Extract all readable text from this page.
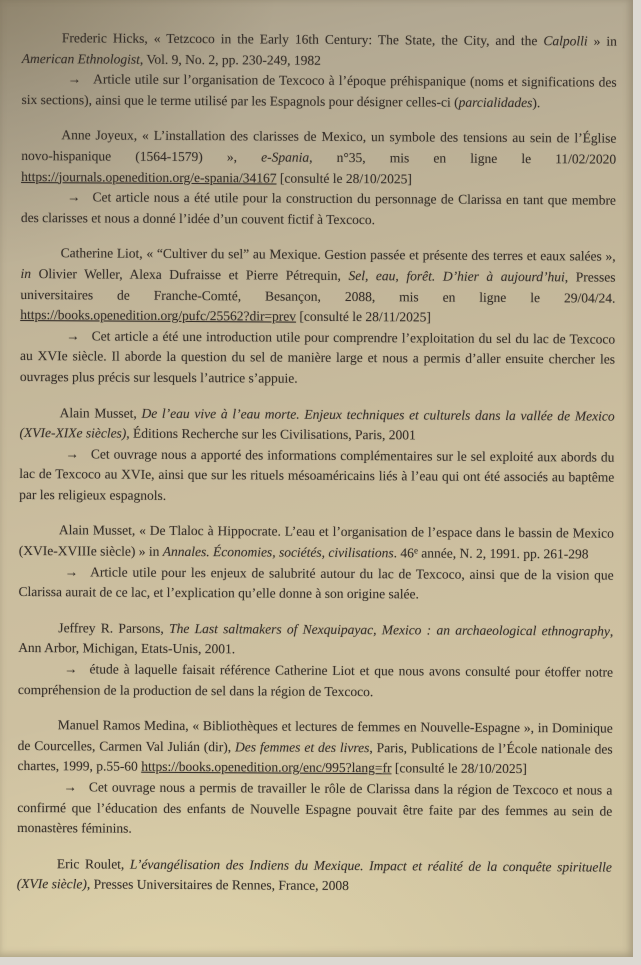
Frederic Hicks, « Tetzcoco in the Early 16th Century: The State, the City, and the Calpolli » in American Ethnologist, Vol. 9, No. 2, pp. 230-249, 1982

→ Article utile sur l’organisation de Texcoco à l’époque préhispanique (noms et significations des six sections), ainsi que le terme utilisé par les Espagnols pour désigner celles-ci (parcialidades).

Anne Joyeux, « L’installation des clarisses de Mexico, un symbole des tensions au sein de l’Église novo-hispanique (1564-1579) », e-Spania, n°35, mis en ligne le 11/02/2020 https://journals.openedition.org/e-spania/34167 [consulté le 28/10/2025]

→ Cet article nous a été utile pour la construction du personnage de Clarissa en tant que membre des clarisses et nous a donné l’idée d’un couvent fictif à Texcoco.

Catherine Liot, « “Cultiver du sel” au Mexique. Gestion passée et présente des terres et eaux salées », in Olivier Weller, Alexa Dufraisse et Pierre Pétrequin, Sel, eau, forêt. D’hier à aujourd’hui, Presses universitaires de Franche-Comté, Besançon, 2088, mis en ligne le 29/04/24. https://books.openedition.org/pufc/25562?dir=prev [consulté le 28/11/2025]

→ Cet article a été une introduction utile pour comprendre l’exploitation du sel du lac de Texcoco au XVIe siècle. Il aborde la question du sel de manière large et nous a permis d’aller ensuite chercher les ouvrages plus précis sur lesquels l’autrice s’appuie.

Alain Musset, De l’eau vive à l’eau morte. Enjeux techniques et culturels dans la vallée de Mexico (XVIe-XIXe siècles), Éditions Recherche sur les Civilisations, Paris, 2001

→ Cet ouvrage nous a apporté des informations complémentaires sur le sel exploité aux abords du lac de Texcoco au XVIe, ainsi que sur les rituels mésoaméricains liés à l’eau qui ont été associés au baptême par les religieux espagnols.

Alain Musset, « De Tlaloc à Hippocrate. L’eau et l’organisation de l’espace dans le bassin de Mexico (XVIe-XVIIIe siècle) » in Annales. Économies, sociétés, civilisations. 46e année, N. 2, 1991. pp. 261-298

→ Article utile pour les enjeux de salubrité autour du lac de Texcoco, ainsi que de la vision que Clarissa aurait de ce lac, et l’explication qu’elle donne à son origine salée.

Jeffrey R. Parsons, The Last saltmakers of Nexquipayac, Mexico : an archaeological ethnography, Ann Arbor, Michigan, Etats-Unis, 2001.

→ étude à laquelle faisait référence Catherine Liot et que nous avons consulté pour étoffer notre compréhension de la production de sel dans la région de Texcoco.

Manuel Ramos Medina, « Bibliothèques et lectures de femmes en Nouvelle-Espagne », in Dominique de Courcelles, Carmen Val Julián (dir), Des femmes et des livres, Paris, Publications de l’École nationale des chartes, 1999, p.55-60 https://books.openedition.org/enc/995?lang=fr [consulté le 28/10/2025]

→ Cet ouvrage nous a permis de travailler le rôle de Clarissa dans la région de Texcoco et nous a confirmé que l’éducation des enfants de Nouvelle Espagne pouvait être faite par des femmes au sein de monastères féminins.

Eric Roulet, L’évangélisation des Indiens du Mexique. Impact et réalité de la conquête spirituelle (XVIe siècle), Presses Universitaires de Rennes, France, 2008
